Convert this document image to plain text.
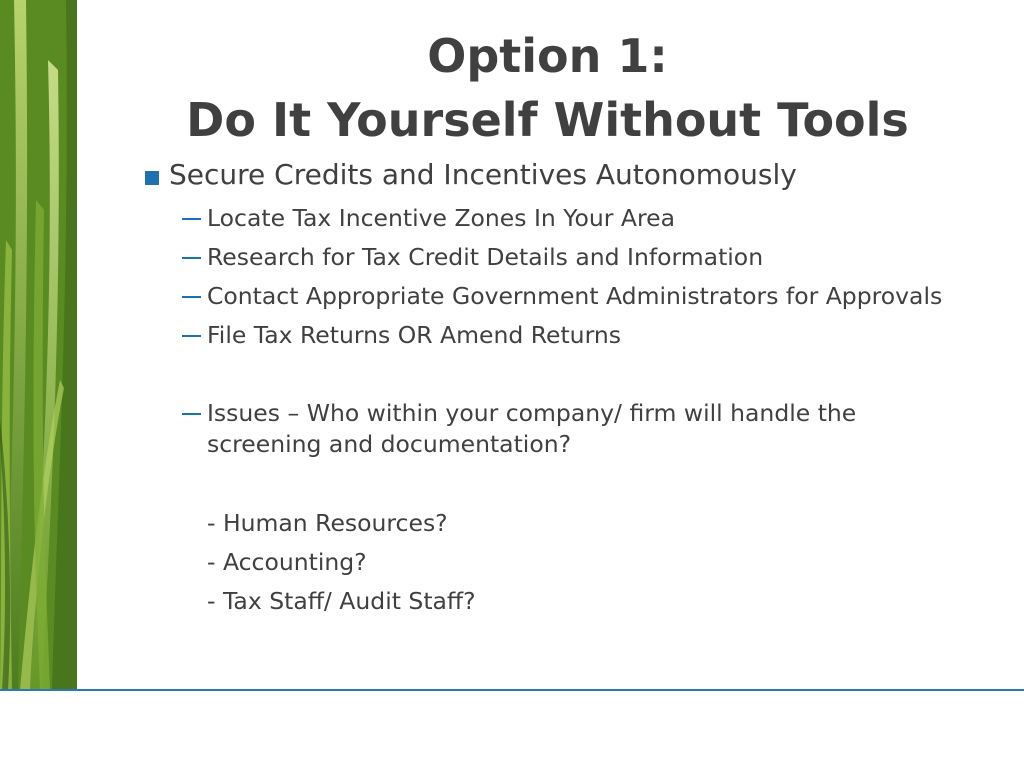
Option 1:
Do It Yourself Without Tools
Secure Credits and Incentives Autonomously
Locate Tax Incentive Zones In Your Area
Research for Tax Credit Details and Information
Contact Appropriate Government Administrators for Approvals
File Tax Returns OR Amend Returns
Issues – Who within your company/ firm will handle the screening and documentation?
- Human Resources?
- Accounting?
- Tax Staff/ Audit Staff?
